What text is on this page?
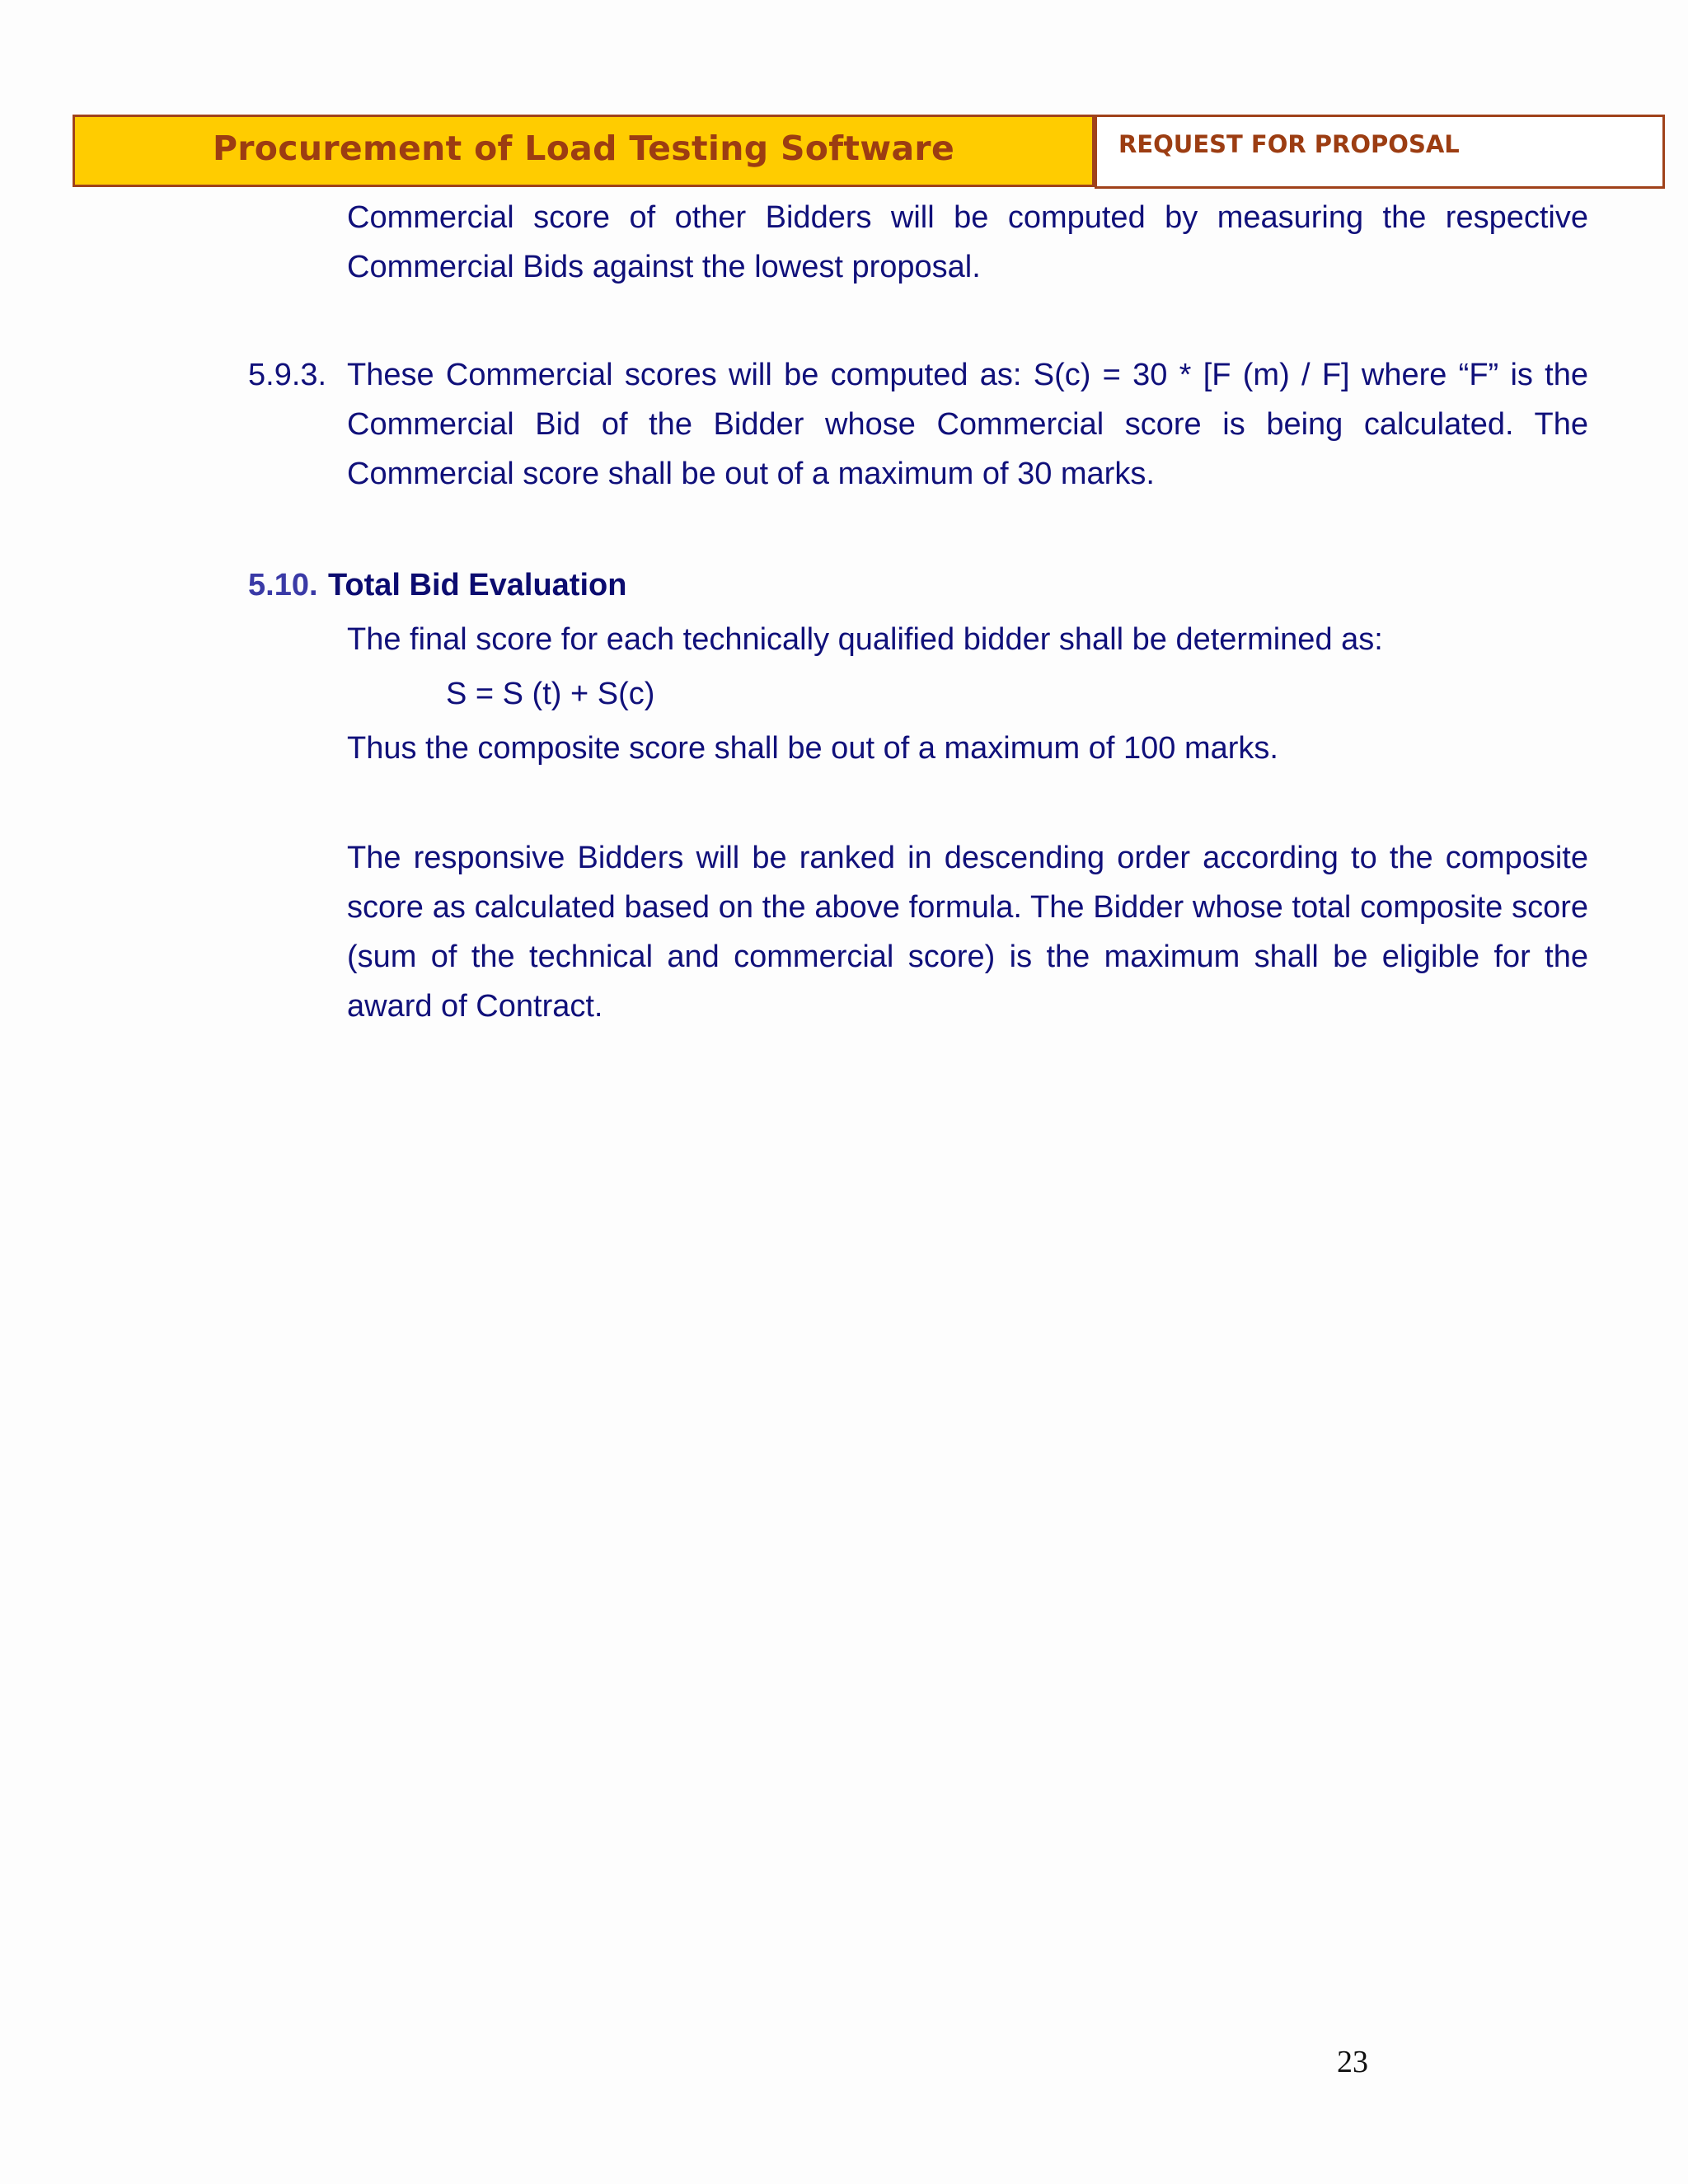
Procurement of Load Testing Software	REQUEST FOR PROPOSAL
Commercial score of other Bidders will be computed by measuring the respective Commercial Bids against the lowest proposal.
5.9.3. These Commercial scores will be computed as: S(c) = 30 * [F (m) / F] where “F” is the Commercial Bid of the Bidder whose Commercial score is being calculated. The Commercial score shall be out of a maximum of 30 marks.
5.10. Total Bid Evaluation
The final score for each technically qualified bidder shall be determined as:
S = S (t) + S(c)
Thus the composite score shall be out of a maximum of 100 marks.
The responsive Bidders will be ranked in descending order according to the composite score as calculated based on the above formula. The Bidder whose total composite score (sum of the technical and commercial score) is the maximum shall be eligible for the award of Contract.
23
